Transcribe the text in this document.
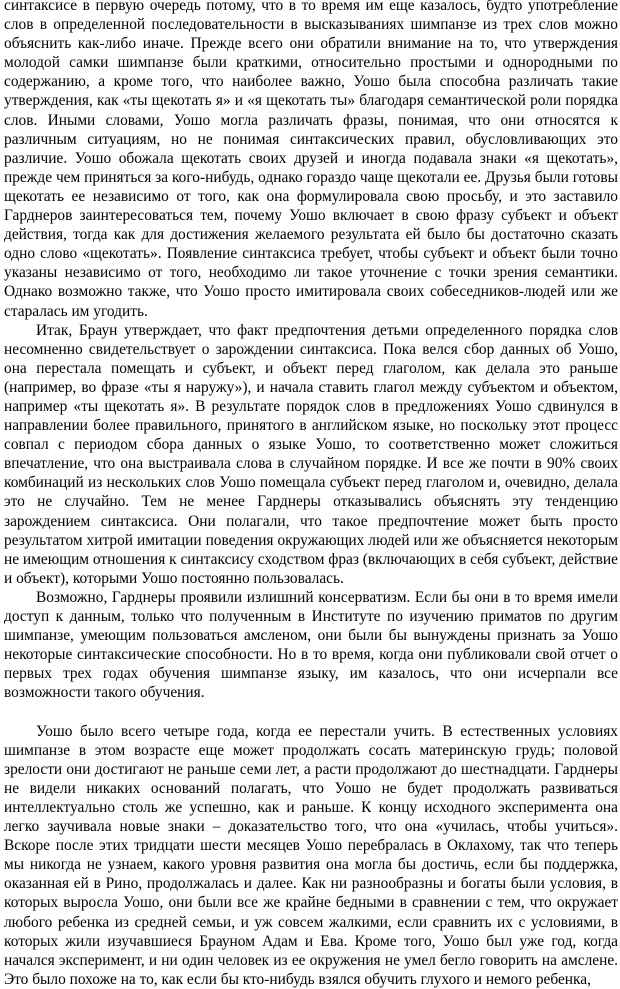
синтаксисе в первую очередь потому, что в то время им еще казалось, будто употребление слов в определенной последовательности в высказываниях шимпанзе из трех слов можно объяснить как-либо иначе. Прежде всего они обратили внимание на то, что утверждения молодой самки шимпанзе были краткими, относительно простыми и однородными по содержанию, а кроме того, что наиболее важно, Уошо была способна различать такие утверждения, как «ты щекотать я» и «я щекотать ты» благодаря семантической роли порядка слов. Иными словами, Уошо могла различать фразы, понимая, что они относятся к различным ситуациям, но не понимая синтаксических правил, обусловливающих это различие. Уошо обожала щекотать своих друзей и иногда подавала знаки «я щекотать», прежде чем приняться за кого-нибудь, однако гораздо чаще щекотали ее. Друзья были готовы щекотать ее независимо от того, как она формулировала свою просьбу, и это заставило Гарднеров заинтересоваться тем, почему Уошо включает в свою фразу субъект и объект действия, тогда как для достижения желаемого результата ей было бы достаточно сказать одно слово «щекотать». Появление синтаксиса требует, чтобы субъект и объект были точно указаны независимо от того, необходимо ли такое уточнение с точки зрения семантики. Однако возможно также, что Уошо просто имитировала своих собеседников-людей или же старалась им угодить.

Итак, Браун утверждает, что факт предпочтения детьми определенного порядка слов несомненно свидетельствует о зарождении синтаксиса. Пока велся сбор данных об Уошо, она перестала помещать и субъект, и объект перед глаголом, как делала это раньше (например, во фразе «ты я наружу»), и начала ставить глагол между субъектом и объектом, например «ты щекотать я». В результате порядок слов в предложениях Уошо сдвинулся в направлении более правильного, принятого в английском языке, но поскольку этот процесс совпал с периодом сбора данных о языке Уошо, то соответственно может сложиться впечатление, что она выстраивала слова в случайном порядке. И все же почти в 90% своих комбинаций из нескольких слов Уошо помещала субъект перед глаголом и, очевидно, делала это не случайно. Тем не менее Гарднеры отказывались объяснять эту тенденцию зарождением синтаксиса. Они полагали, что такое предпочтение может быть просто результатом хитрой имитации поведения окружающих людей или же объясняется некоторым не имеющим отношения к синтаксису сходством фраз (включающих в себя субъект, действие и объект), которыми Уошо постоянно пользовалась.

Возможно, Гарднеры проявили излишний консерватизм. Если бы они в то время имели доступ к данным, только что полученным в Институте по изучению приматов по другим шимпанзе, умеющим пользоваться амсленом, они были бы вынуждены признать за Уошо некоторые синтаксические способности. Но в то время, когда они публиковали свой отчет о первых трех годах обучения шимпанзе языку, им казалось, что они исчерпали все возможности такого обучения.

Уошо было всего четыре года, когда ее перестали учить. В естественных условиях шимпанзе в этом возрасте еще может продолжать сосать материнскую грудь; половой зрелости они достигают не раньше семи лет, а расти продолжают до шестнадцати. Гарднеры не видели никаких оснований полагать, что Уошо не будет продолжать развиваться интеллектуально столь же успешно, как и раньше. К концу исходного эксперимента она легко заучивала новые знаки – доказательство того, что она «училась, чтобы учиться». Вскоре после этих тридцати шести месяцев Уошо перебралась в Оклахому, так что теперь мы никогда не узнаем, какого уровня развития она могла бы достичь, если бы поддержка, оказанная ей в Рино, продолжалась и далее. Как ни разнообразны и богаты были условия, в которых выросла Уошо, они были все же крайне бедными в сравнении с тем, что окружает любого ребенка из средней семьи, и уж совсем жалкими, если сравнить их с условиями, в которых жили изучавшиеся Брауном Адам и Ева. Кроме того, Уошо был уже год, когда начался эксперимент, и ни один человек из ее окружения не умел бегло говорить на амслене. Это было похоже на то, как если бы кто-нибудь взялся обучить глухого и немого ребенка,
